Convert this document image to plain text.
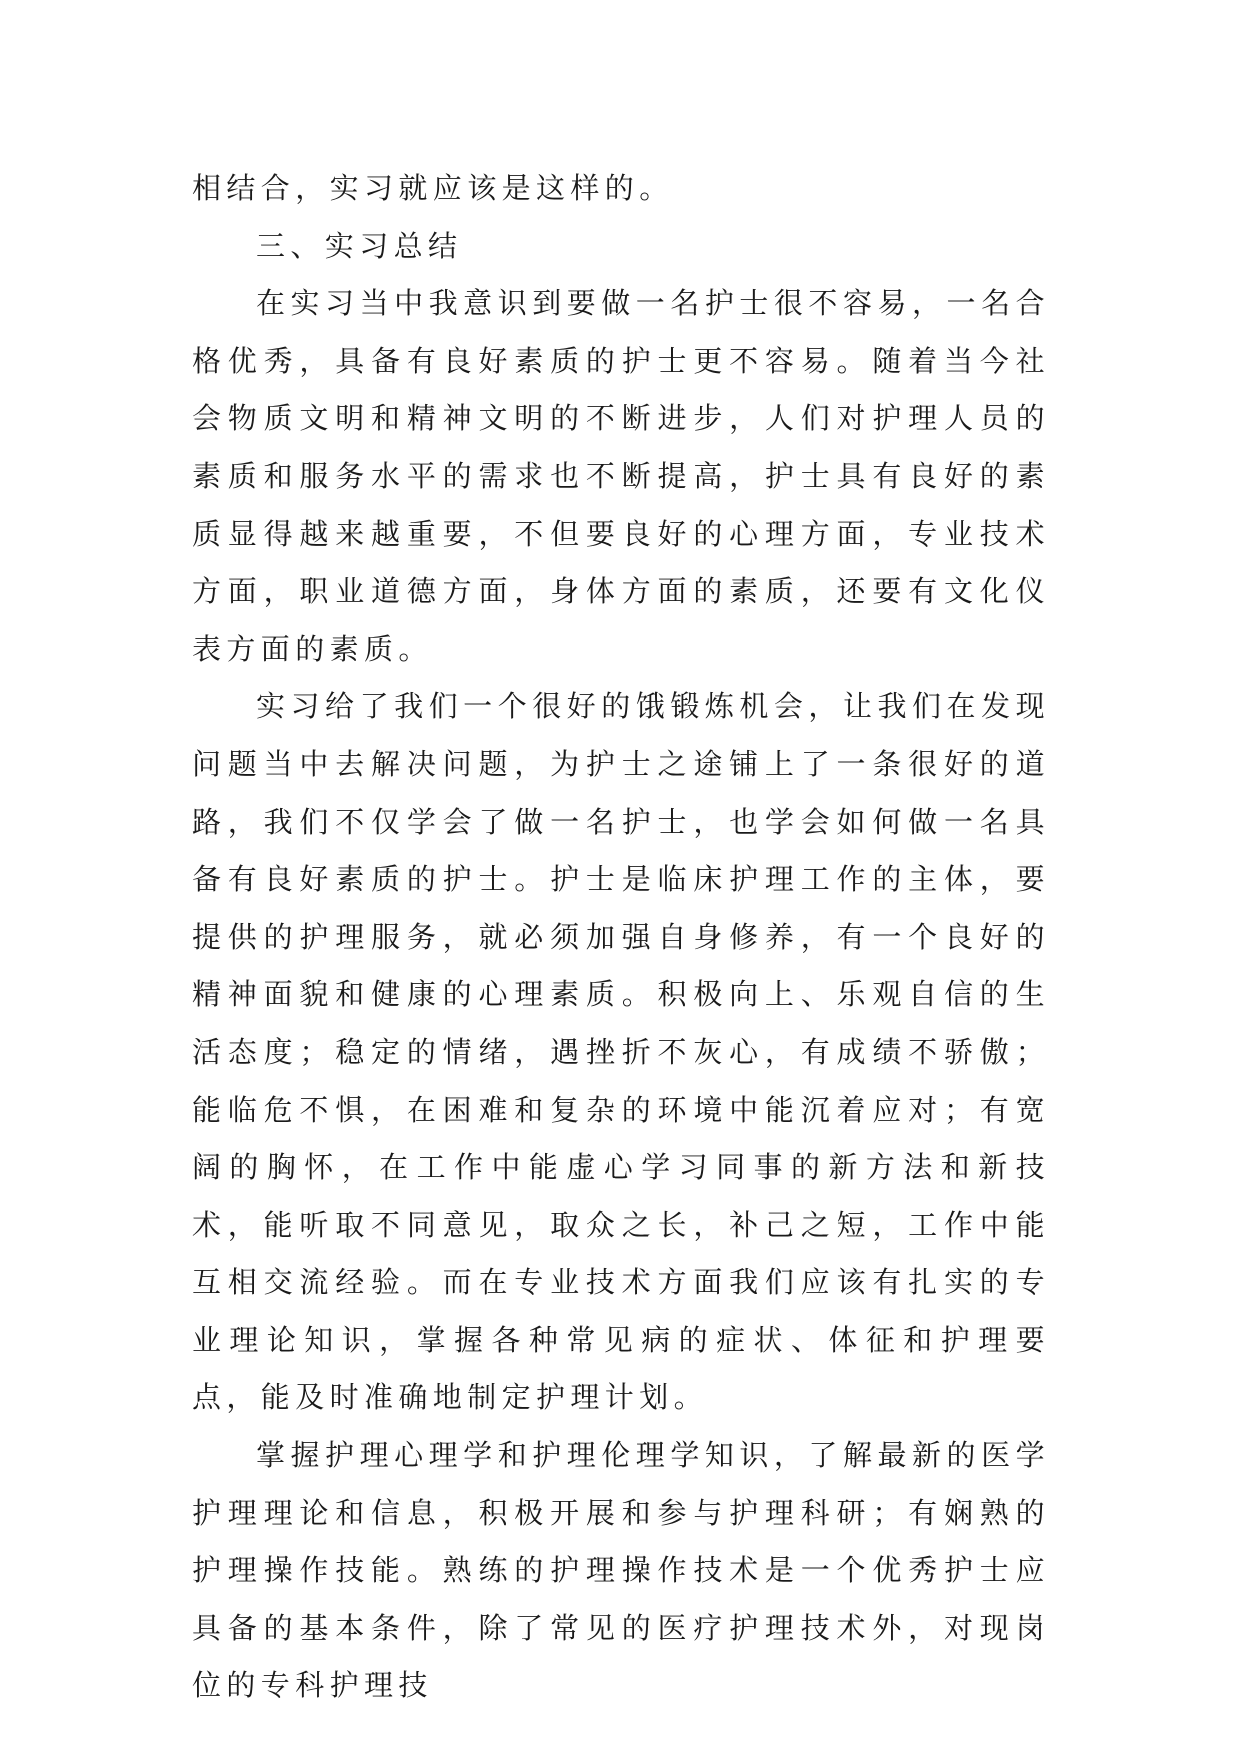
相结合，实习就应该是这样的。

三、实习总结

在实习当中我意识到要做一名护士很不容易，一名合格优秀，具备有良好素质的护士更不容易。随着当今社会物质文明和精神文明的不断进步，人们对护理人员的素质和服务水平的需求也不断提高，护士具有良好的素质显得越来越重要，不但要良好的心理方面，专业技术方面，职业道德方面，身体方面的素质，还要有文化仪表方面的素质。

实习给了我们一个很好的饿锻炼机会，让我们在发现问题当中去解决问题，为护士之途铺上了一条很好的道路，我们不仅学会了做一名护士，也学会如何做一名具备有良好素质的护士。护士是临床护理工作的主体，要提供的护理服务，就必须加强自身修养，有一个良好的精神面貌和健康的心理素质。积极向上、乐观自信的生活态度；稳定的情绪，遇挫折不灰心，有成绩不骄傲；能临危不惧，在困难和复杂的环境中能沉着应对；有宽阔的胸怀，在工作中能虚心学习同事的新方法和新技术，能听取不同意见，取众之长，补己之短，工作中能互相交流经验。而在专业技术方面我们应该有扎实的专业理论知识，掌握各种常见病的症状、体征和护理要点，能及时准确地制定护理计划。

掌握护理心理学和护理伦理学知识，了解最新的医学护理理论和信息，积极开展和参与护理科研；有娴熟的护理操作技能。熟练的护理操作技术是一个优秀护士应具备的基本条件，除了常见的医疗护理技术外，对现岗位的专科护理技
